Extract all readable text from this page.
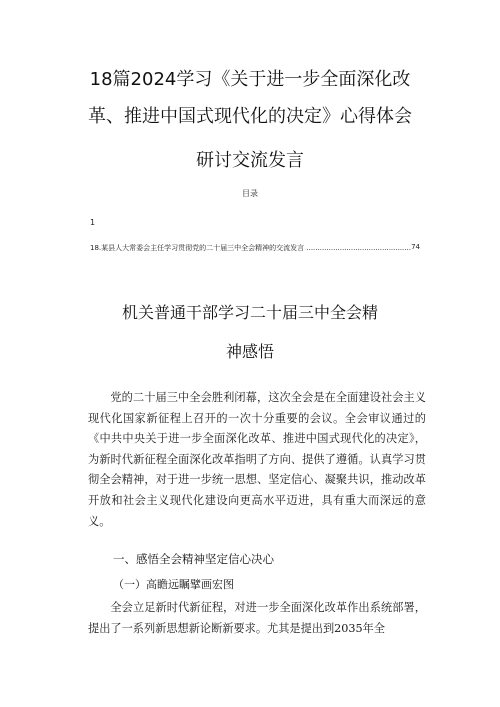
18篇2024学习《关于进一步全面深化改
革、推进中国式现代化的决定》心得体会
研讨交流发言
目录
1
18.某县人大常委会主任学习贯彻党的二十届三中全会精神的交流发言 .....	74
机关普通干部学习二十届三中全会精
神感悟
党的二十届三中全会胜利闭幕，这次全会是在全面建设社会主义现代化国家新征程上召开的一次十分重要的会议。全会审议通过的《中共中央关于进一步全面深化改革、推进中国式现代化的决定》，为新时代新征程全面深化改革指明了方向、提供了遵循。认真学习贯彻全会精神，对于进一步统一思想、坚定信心、凝聚共识，推动改革开放和社会主义现代化建设向更高水平迈进，具有重大而深远的意义。
一、感悟全会精神坚定信心决心
（一）高瞻远瞩擘画宏图
全会立足新时代新征程，对进一步全面深化改革作出系统部署，提出了一系列新思想新论断新要求。尤其是提出到2035年全
